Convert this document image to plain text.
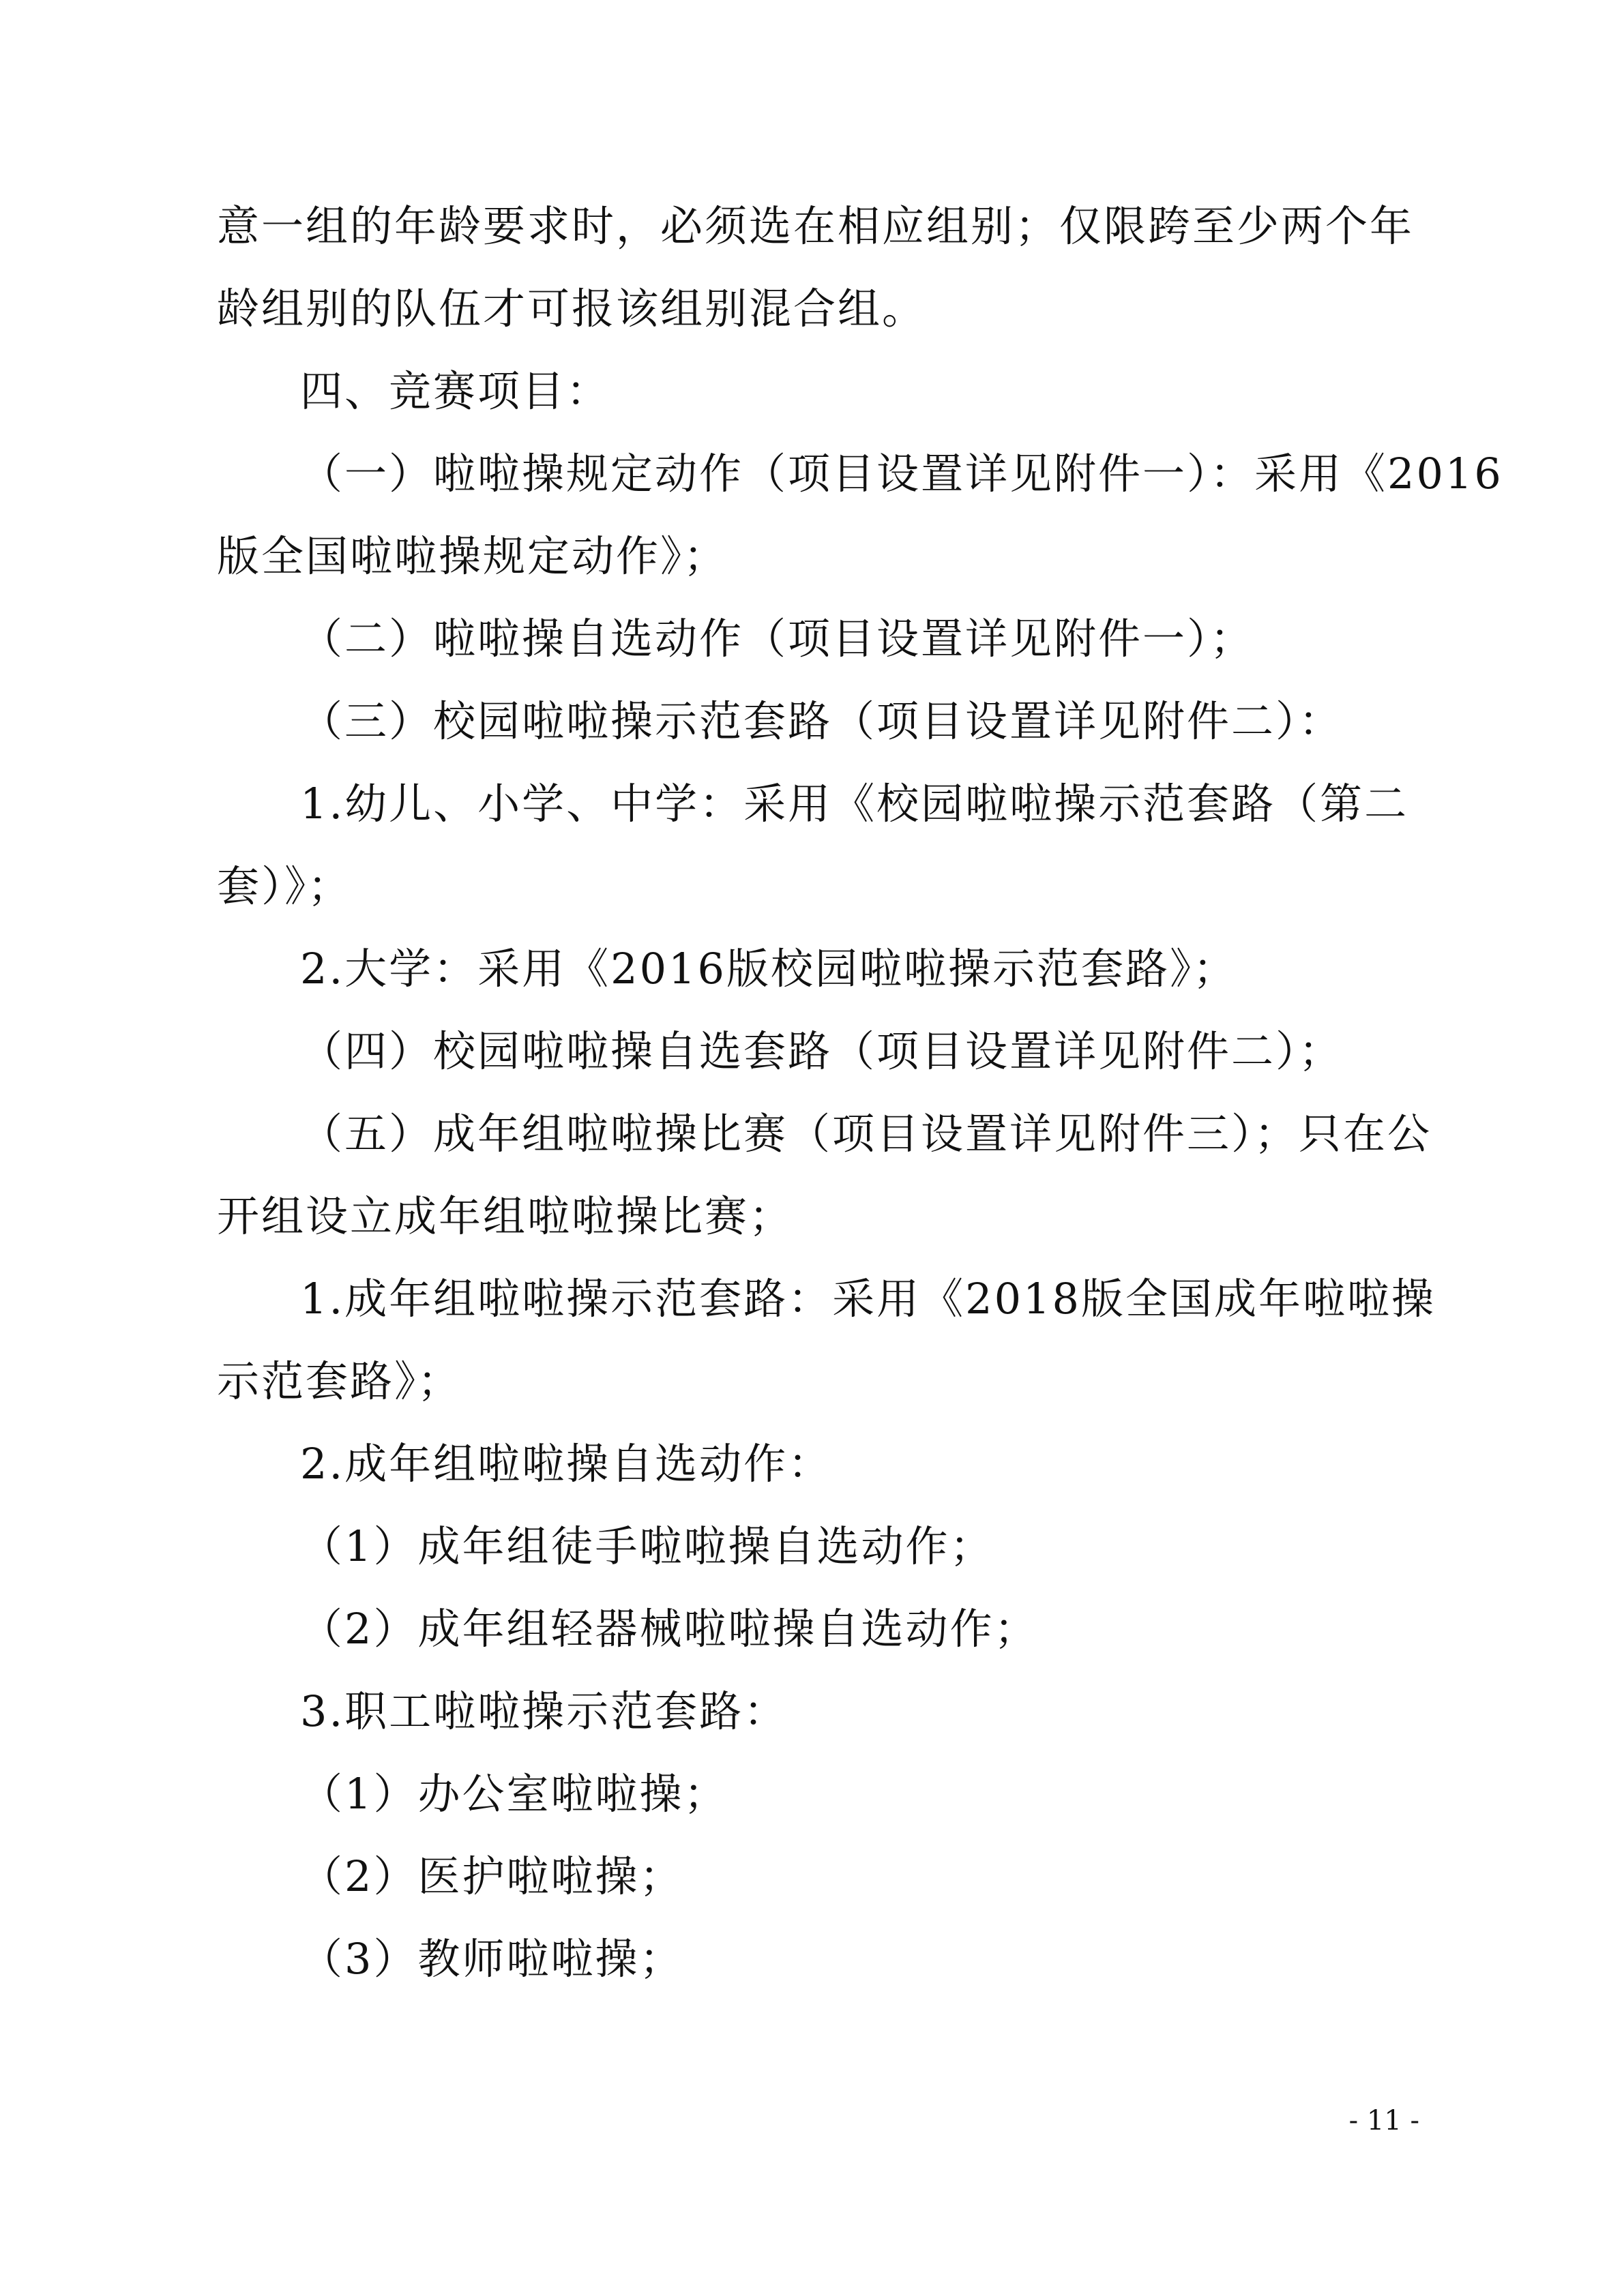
意一组的年龄要求时，必须选在相应组别；仅限跨至少两个年
龄组别的队伍才可报该组别混合组。
四、竞赛项目：
（一）啦啦操规定动作（项目设置详见附件一）：采用《2016
版全国啦啦操规定动作》；
（二）啦啦操自选动作（项目设置详见附件一）；
（三）校园啦啦操示范套路（项目设置详见附件二）：
1.幼儿、小学、中学：采用《校园啦啦操示范套路（第二
套）》；
2.大学：采用《2016版校园啦啦操示范套路》；
（四）校园啦啦操自选套路（项目设置详见附件二）；
（五）成年组啦啦操比赛（项目设置详见附件三）；只在公
开组设立成年组啦啦操比赛；
1.成年组啦啦操示范套路：采用《2018版全国成年啦啦操
示范套路》；
2.成年组啦啦操自选动作：
（1）成年组徒手啦啦操自选动作；
（2）成年组轻器械啦啦操自选动作；
3.职工啦啦操示范套路：
（1）办公室啦啦操；
（2）医护啦啦操；
（3）教师啦啦操；
- 11 -
